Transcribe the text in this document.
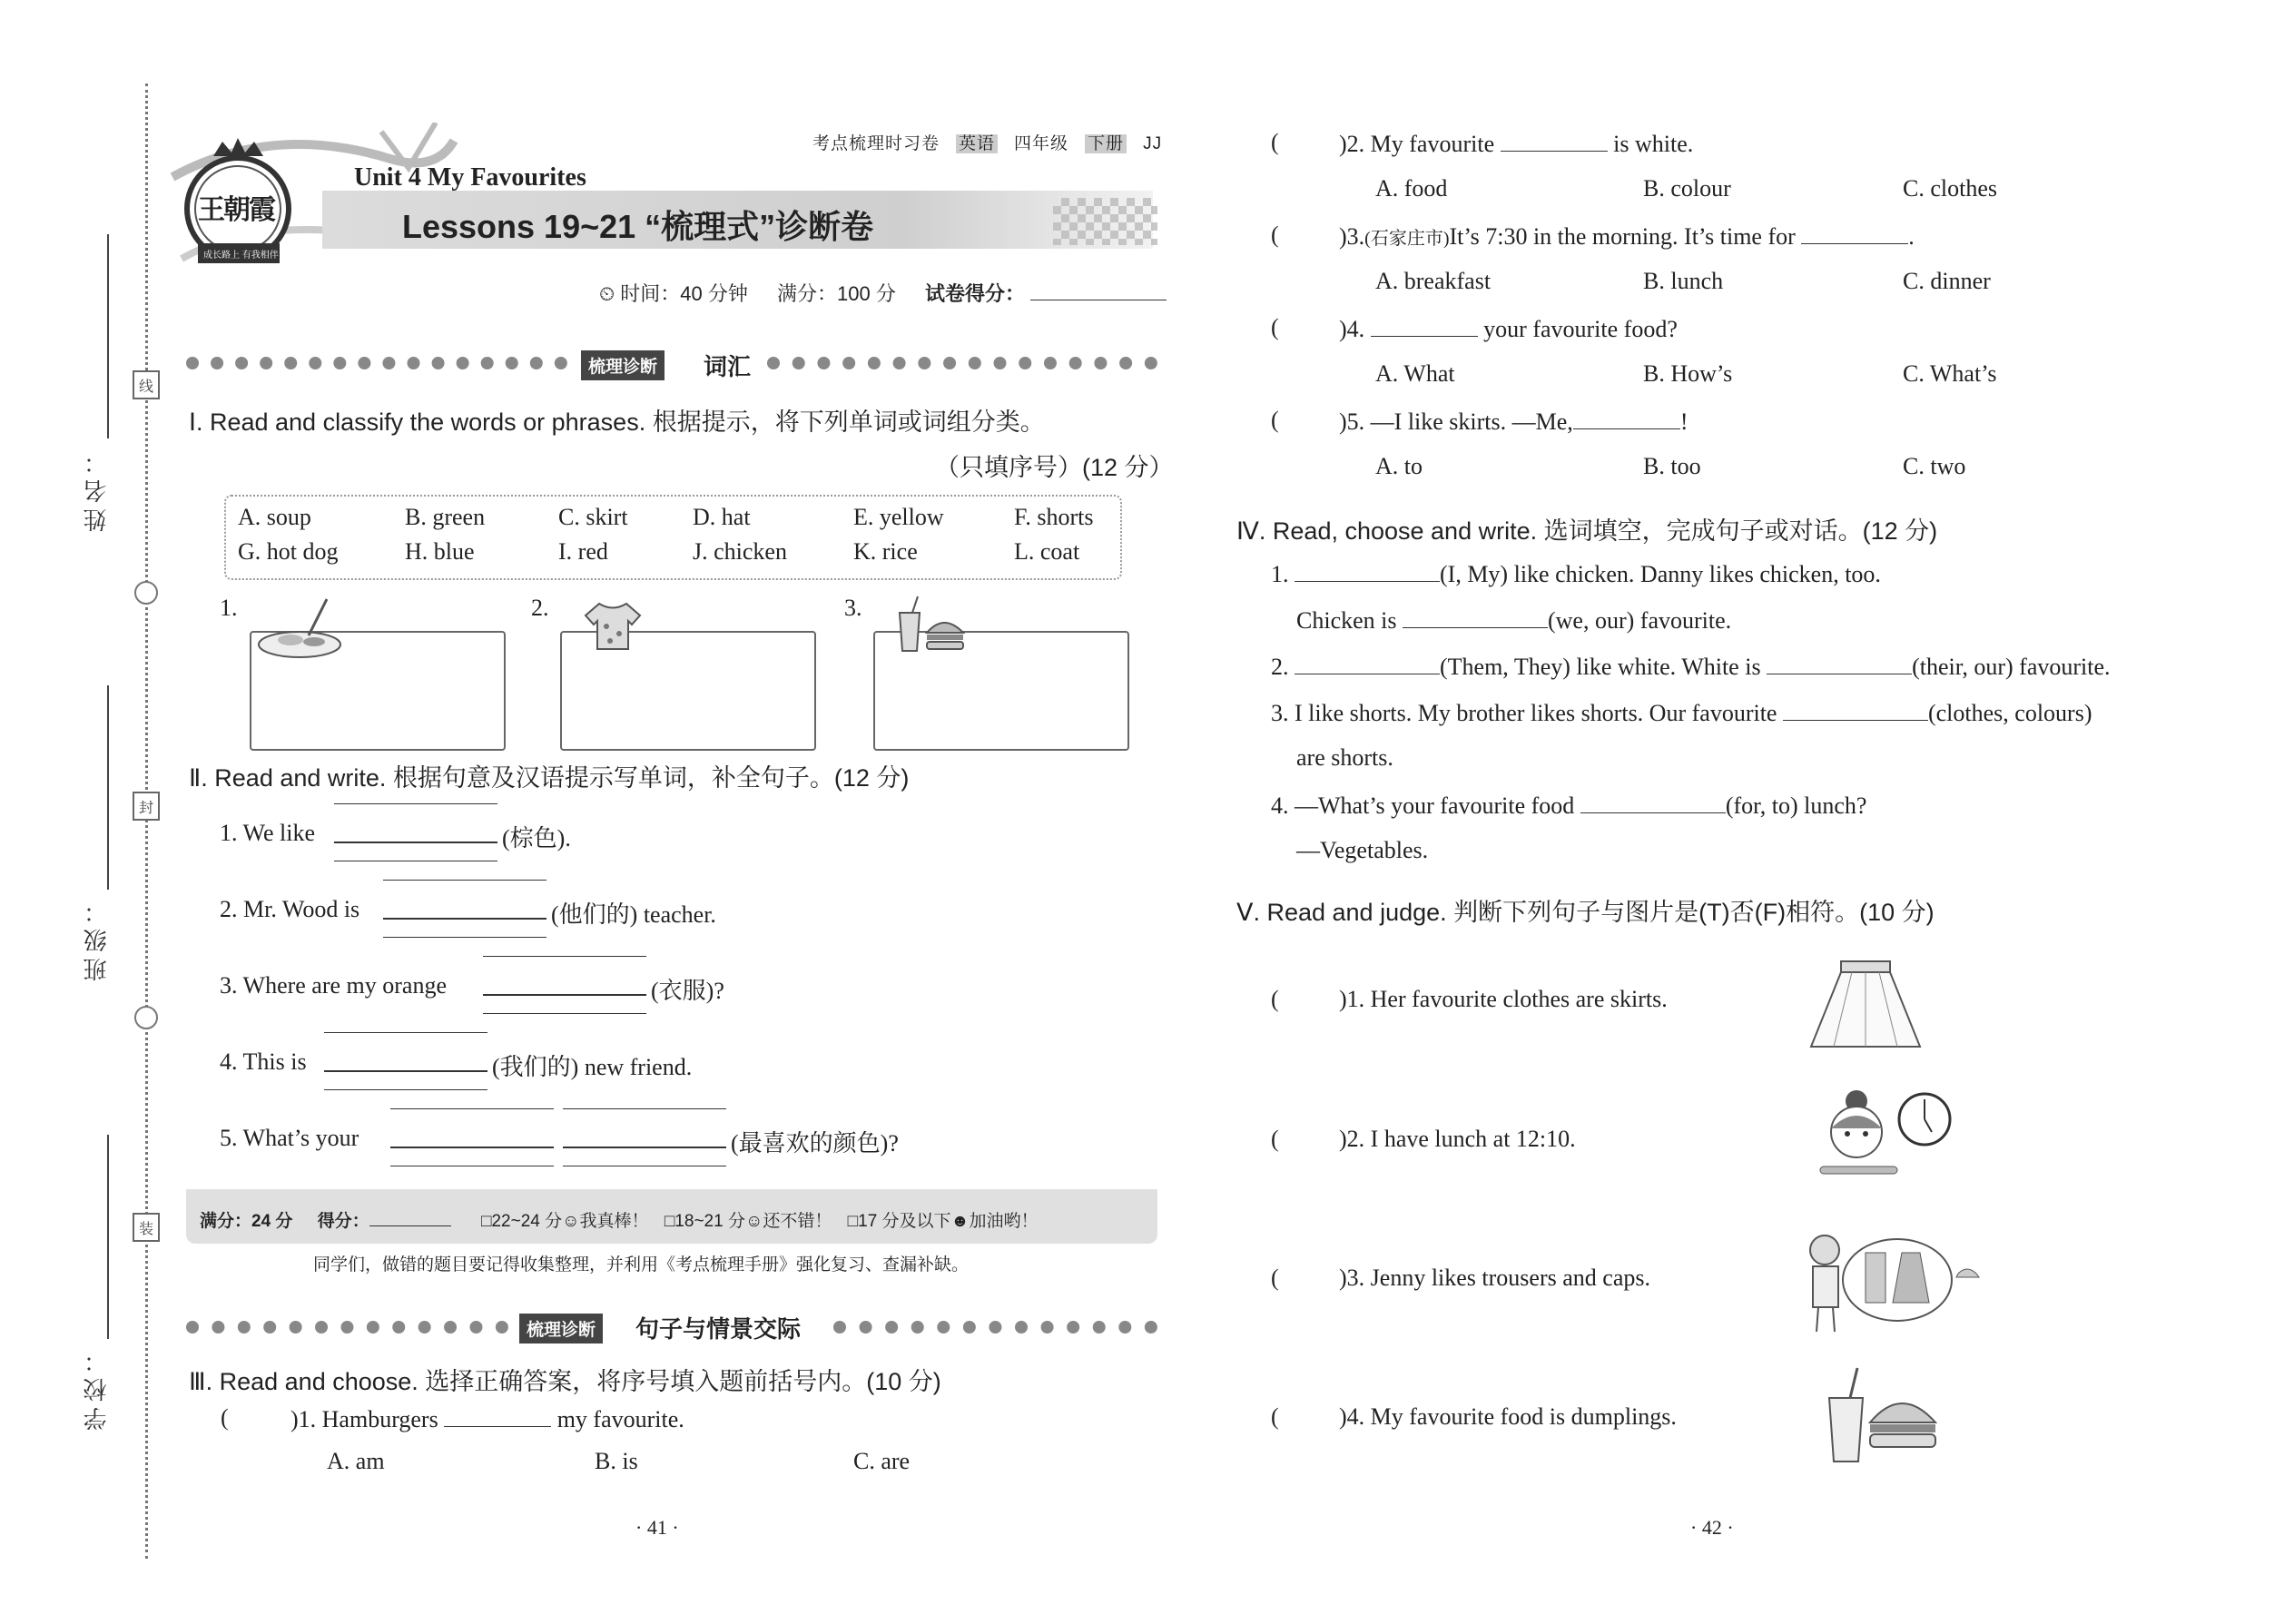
姓名：
班级：
学校：
线
封
装
考点梳理时习卷 英语 四年级 下册 JJ
王朝霞
成长路上 有我相伴
Unit 4 My Favourites
Lessons 19~21 “梳理式”诊断卷
⏲ 时间：40 分钟 满分：100 分 试卷得分：
梳理诊断	词汇
Ⅰ. Read and classify the words or phrases. 根据提示，将下列单词或词组分类。
（只填序号）(12 分）
A. soup	B. green	C. skirt	D. hat	E. yellow	F. shorts
G. hot dog	H. blue	I. red	J. chicken	K. rice	L. coat
1.	2.	3.
Ⅱ. Read and write. 根据句意及汉语提示写单词，补全句子。(12 分)
1. We like	(棕色).
2. Mr. Wood is	(他们的) teacher.
3. Where are my orange	(衣服)?
4. This is	(我们的) new friend.
5. What’s your	(最喜欢的颜色)?
满分：24 分 得分：	□22~24 分☺我真棒！ □18~21 分☺还不错！ □17 分及以下☻加油哟！
同学们，做错的题目要记得收集整理，并利用《考点梳理手册》强化复习、查漏补缺。
梳理诊断	句子与情景交际
Ⅲ. Read and choose. 选择正确答案，将序号填入题前括号内。(10 分)
(	)1. Hamburgers	my favourite.
A. am	B. is	C. are
· 41 ·
(	)2. My favourite	is white.
A. food	B. colour	C. clothes
(	)3.(石家庄市)It’s 7:30 in the morning. It’s time for	.
A. breakfast	B. lunch	C. dinner
(	)4.	your favourite food?
A. What	B. How’s	C. What’s
(	)5. —I like skirts. —Me,	!
A. to	B. too	C. two
Ⅳ. Read, choose and write. 选词填空，完成句子或对话。(12 分)
1.	(I, My) like chicken. Danny likes chicken, too.
Chicken is	(we, our) favourite.
2.	(Them, They) like white. White is	(their, our) favourite.
3. I like shorts. My brother likes shorts. Our favourite	(clothes, colours)
are shorts.
4. —What’s your favourite food	(for, to) lunch?
—Vegetables.
Ⅴ. Read and judge. 判断下列句子与图片是(T)否(F)相符。(10 分)
(	)1. Her favourite clothes are skirts.
(	)2. I have lunch at 12:10.
(	)3. Jenny likes trousers and caps.
(	)4. My favourite food is dumplings.
· 42 ·
